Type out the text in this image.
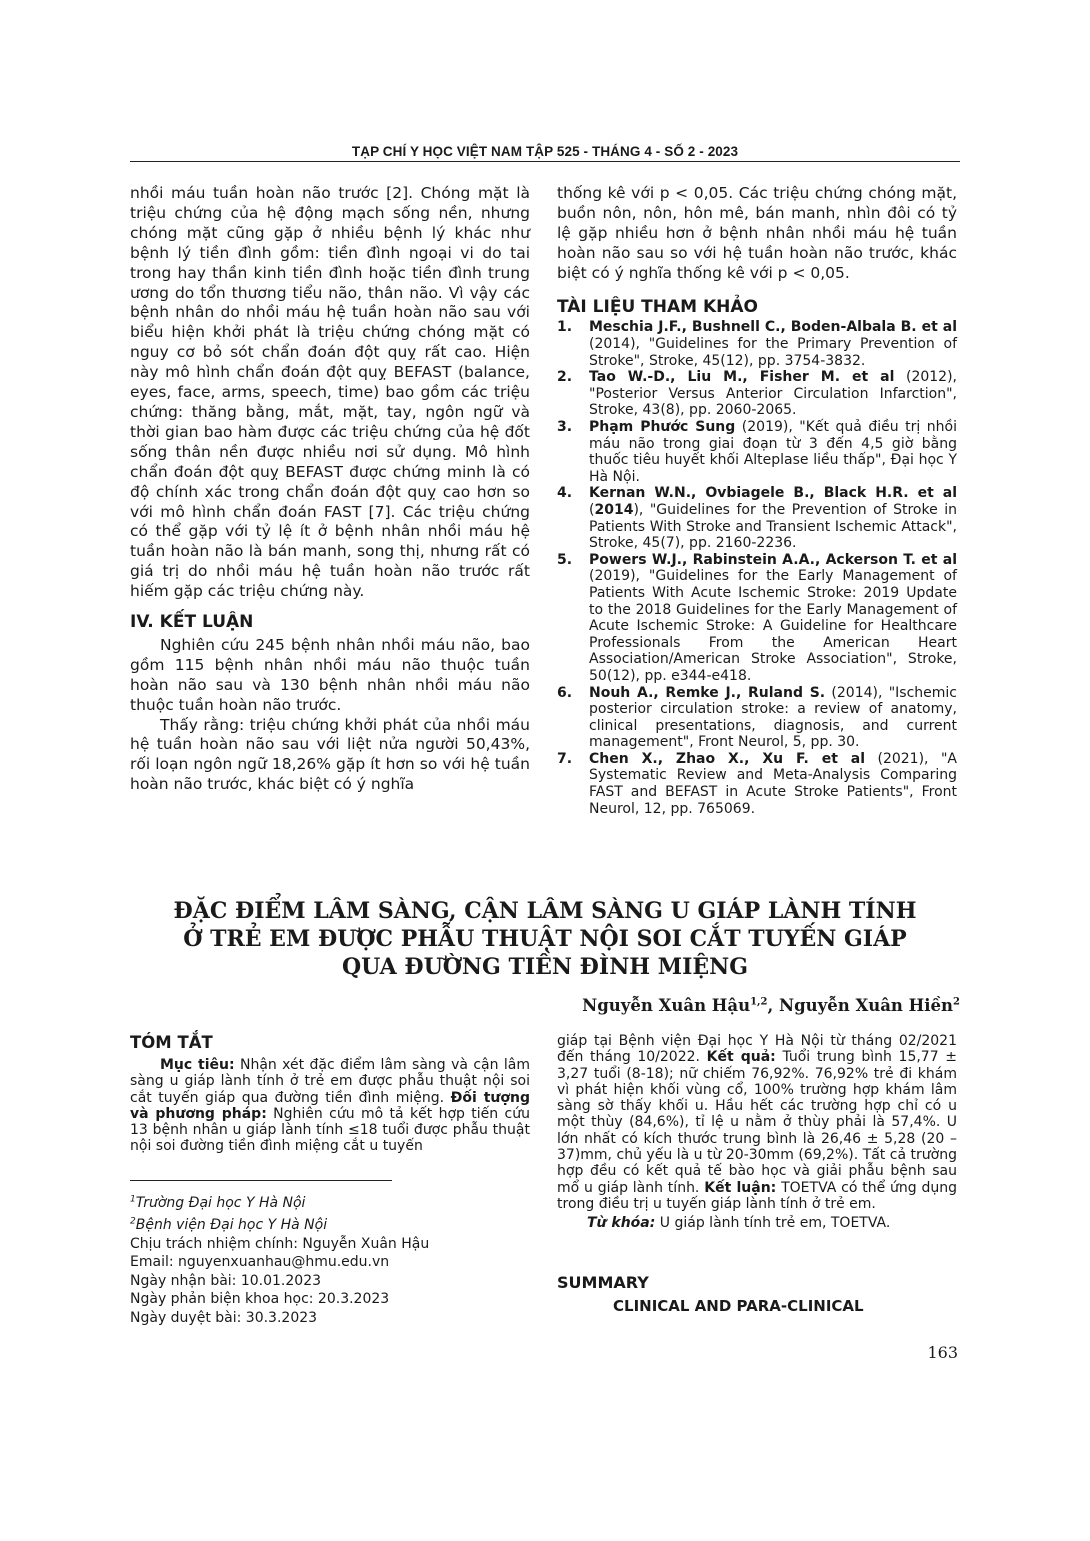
TẠP CHÍ Y HỌC VIỆT NAM TẬP 525 - THÁNG 4 - SỐ 2 - 2023

nhồi máu tuần hoàn não trước [2]. Chóng mặt là triệu chứng của hệ động mạch sống nền, nhưng chóng mặt cũng gặp ở nhiều bệnh lý khác như bệnh lý tiền đình gồm: tiền đình ngoại vi do tai trong hay thần kinh tiền đình hoặc tiền đình trung ương do tổn thương tiểu não, thân não. Vì vậy các bệnh nhân do nhồi máu hệ tuần hoàn não sau với biểu hiện khởi phát là triệu chứng chóng mặt có nguy cơ bỏ sót chẩn đoán đột quỵ rất cao. Hiện này mô hình chẩn đoán đột quỵ BEFAST (balance, eyes, face, arms, speech, time) bao gồm các triệu chứng: thăng bằng, mắt, mặt, tay, ngôn ngữ và thời gian bao hàm được các triệu chứng của hệ đốt sống thân nền được nhiều nơi sử dụng. Mô hình chẩn đoán đột quỵ BEFAST được chứng minh là có độ chính xác trong chẩn đoán đột quỵ cao hơn so với mô hình chẩn đoán FAST [7]. Các triệu chứng có thể gặp với tỷ lệ ít ở bệnh nhân nhồi máu hệ tuần hoàn não là bán manh, song thị, nhưng rất có giá trị do nhồi máu hệ tuần hoàn não trước rất hiếm gặp các triệu chứng này.

IV. KẾT LUẬN

Nghiên cứu 245 bệnh nhân nhồi máu não, bao gồm 115 bệnh nhân nhồi máu não thuộc tuần hoàn não sau và 130 bệnh nhân nhồi máu não thuộc tuần hoàn não trước.

Thấy rằng: triệu chứng khởi phát của nhồi máu hệ tuần hoàn não sau với liệt nửa người 50,43%, rối loạn ngôn ngữ 18,26% gặp ít hơn so với hệ tuần hoàn não trước, khác biệt có ý nghĩa

thống kê với p < 0,05. Các triệu chứng chóng mặt, buồn nôn, nôn, hôn mê, bán manh, nhìn đôi có tỷ lệ gặp nhiều hơn ở bệnh nhân nhồi máu hệ tuần hoàn não sau so với hệ tuần hoàn não trước, khác biệt có ý nghĩa thống kê với p < 0,05.

TÀI LIỆU THAM KHẢO
1. Meschia J.F., Bushnell C., Boden-Albala B. et al (2014), "Guidelines for the Primary Prevention of Stroke", Stroke, 45(12), pp. 3754-3832.
2. Tao W.-D., Liu M., Fisher M. et al (2012), "Posterior Versus Anterior Circulation Infarction", Stroke, 43(8), pp. 2060-2065.
3. Phạm Phước Sung (2019), "Kết quả điều trị nhồi máu não trong giai đoạn từ 3 đến 4,5 giờ bằng thuốc tiêu huyết khối Alteplase liều thấp", Đại học Y Hà Nội.
4. Kernan W.N., Ovbiagele B., Black H.R. et al (2014), "Guidelines for the Prevention of Stroke in Patients With Stroke and Transient Ischemic Attack", Stroke, 45(7), pp. 2160-2236.
5. Powers W.J., Rabinstein A.A., Ackerson T. et al (2019), "Guidelines for the Early Management of Patients With Acute Ischemic Stroke: 2019 Update to the 2018 Guidelines for the Early Management of Acute Ischemic Stroke: A Guideline for Healthcare Professionals From the American Heart Association/American Stroke Association", Stroke, 50(12), pp. e344-e418.
6. Nouh A., Remke J., Ruland S. (2014), "Ischemic posterior circulation stroke: a review of anatomy, clinical presentations, diagnosis, and current management", Front Neurol, 5, pp. 30.
7. Chen X., Zhao X., Xu F. et al (2021), "A Systematic Review and Meta-Analysis Comparing FAST and BEFAST in Acute Stroke Patients", Front Neurol, 12, pp. 765069.
ĐẶC ĐIỂM LÂM SÀNG, CẬN LÂM SÀNG U GIÁP LÀNH TÍNH
Ở TRẺ EM ĐƯỢC PHẪU THUẬT NỘI SOI CẮT TUYẾN GIÁP
QUA ĐƯỜNG TIỀN ĐÌNH MIỆNG
Nguyễn Xuân Hậu$^{1,2}$, Nguyễn Xuân Hiền$^2$
TÓM TẮT

Mục tiêu: Nhận xét đặc điểm lâm sàng và cận lâm sàng u giáp lành tính ở trẻ em được phẫu thuật nội soi cắt tuyến giáp qua đường tiền đình miệng. Đối tượng và phương pháp: Nghiên cứu mô tả kết hợp tiến cứu 13 bệnh nhân u giáp lành tính ≤18 tuổi được phẫu thuật nội soi đường tiền đình miệng cắt u tuyến

giáp tại Bệnh viện Đại học Y Hà Nội từ tháng 02/2021 đến tháng 10/2022. Kết quả: Tuổi trung bình 15,77 ± 3,27 tuổi (8-18); nữ chiếm 76,92%. 76,92% trẻ đi khám vì phát hiện khối vùng cổ, 100% trường hợp khám lâm sàng sờ thấy khối u. Hầu hết các trường hợp chỉ có u một thùy (84,6%), tỉ lệ u nằm ở thùy phải là 57,4%. U lớn nhất có kích thước trung bình là 26,46 ± 5,28 (20 – 37)mm, chủ yếu là u từ 20-30mm (69,2%). Tất cả trường hợp đều có kết quả tế bào học và giải phẫu bệnh sau mổ u giáp lành tính. Kết luận: TOETVA có thể ứng dụng trong điều trị u tuyến giáp lành tính ở trẻ em.

Từ khóa: U giáp lành tính trẻ em, TOETVA.

$^1$Trường Đại học Y Hà Nội
$^2$Bệnh viện Đại học Y Hà Nội
Chịu trách nhiệm chính: Nguyễn Xuân Hậu
Email: nguyenxuanhau@hmu.edu.vn
Ngày nhận bài: 10.01.2023
Ngày phản biện khoa học: 20.3.2023
Ngày duyệt bài: 30.3.2023
SUMMARY
CLINICAL AND PARA-CLINICAL
163
